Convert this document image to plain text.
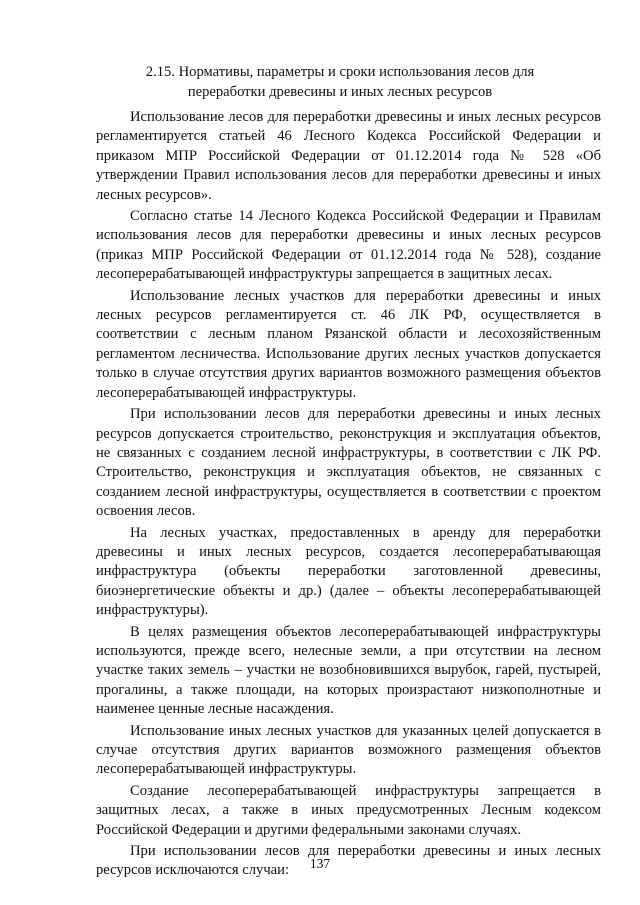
2.15. Нормативы, параметры и сроки использования лесов для
переработки древесины и иных лесных ресурсов

Использование лесов для переработки древесины и иных лесных ресурсов регламентируется статьей 46 Лесного Кодекса Российской Федерации и приказом МПР Российской Федерации от 01.12.2014 года № 528 «Об утверждении Правил использования лесов для переработки древесины и иных лесных ресурсов».

Согласно статье 14 Лесного Кодекса Российской Федерации и Правилам использования лесов для переработки древесины и иных лесных ресурсов (приказ МПР Российской Федерации от 01.12.2014 года № 528), создание лесоперерабатывающей инфраструктуры запрещается в защитных лесах.

Использование лесных участков для переработки древесины и иных лесных ресурсов регламентируется ст. 46 ЛК РФ, осуществляется в соответствии с лесным планом Рязанской области и лесохозяйственным регламентом лесничества. Использование других лесных участков допускается только в случае отсутствия других вариантов возможного размещения объектов лесоперерабатывающей инфраструктуры.

При использовании лесов для переработки древесины и иных лесных ресурсов допускается строительство, реконструкция и эксплуатация объектов, не связанных с созданием лесной инфраструктуры, в соответствии с ЛК РФ. Строительство, реконструкция и эксплуатация объектов, не связанных с созданием лесной инфраструктуры, осуществляется в соответствии с проектом освоения лесов.

На лесных участках, предоставленных в аренду для переработки древесины и иных лесных ресурсов, создается лесоперерабатывающая инфраструктура (объекты переработки заготовленной древесины, биоэнергетические объекты и др.) (далее – объекты лесоперерабатывающей инфраструктуры).

В целях размещения объектов лесоперерабатывающей инфраструктуры используются, прежде всего, нелесные земли, а при отсутствии на лесном участке таких земель – участки не возобновившихся вырубок, гарей, пустырей, прогалины, а также площади, на которых произрастают низкополнотные и наименее ценные лесные насаждения.

Использование иных лесных участков для указанных целей допускается в случае отсутствия других вариантов возможного размещения объектов лесоперерабатывающей инфраструктуры.

Создание лесоперерабатывающей инфраструктуры запрещается в защитных лесах, а также в иных предусмотренных Лесным кодексом Российской Федерации и другими федеральными законами случаях.

При использовании лесов для переработки древесины и иных лесных ресурсов исключаются случаи:	137
